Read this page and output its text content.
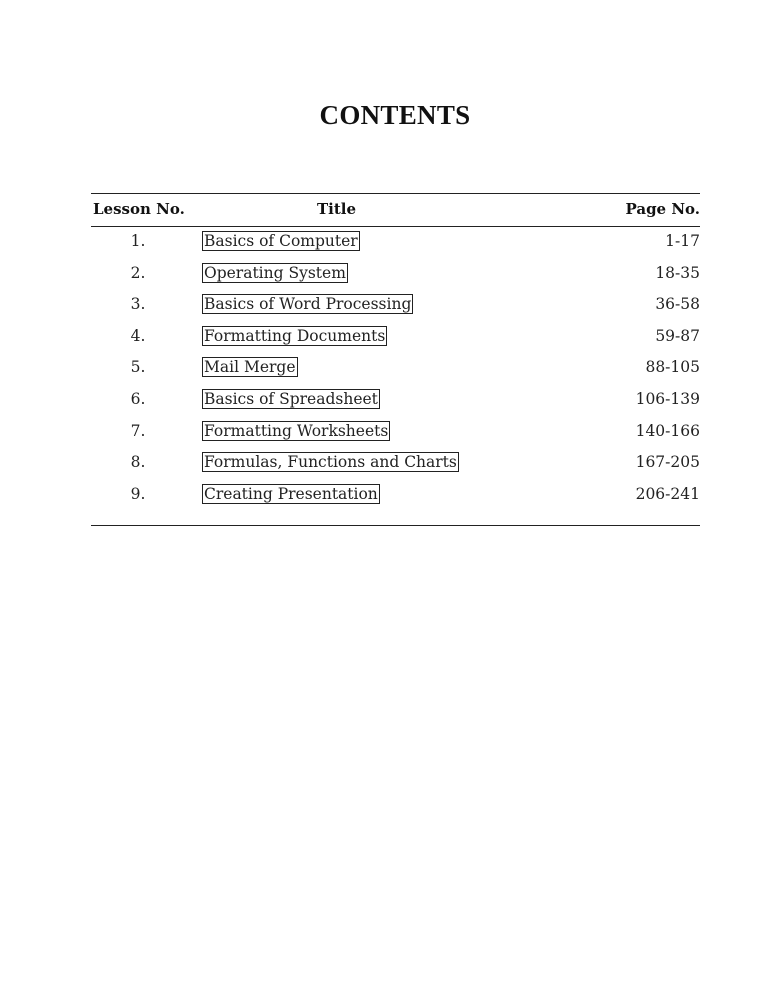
CONTENTS
Lesson No.	Title	Page No.
1.	Basics of Computer	1-17
2.	Operating System	18-35
3.	Basics of Word Processing	36-58
4.	Formatting Documents	59-87
5.	Mail Merge	88-105
6.	Basics of Spreadsheet	106-139
7.	Formatting Worksheets	140-166
8.	Formulas, Functions and Charts	167-205
9.	Creating Presentation	206-241
